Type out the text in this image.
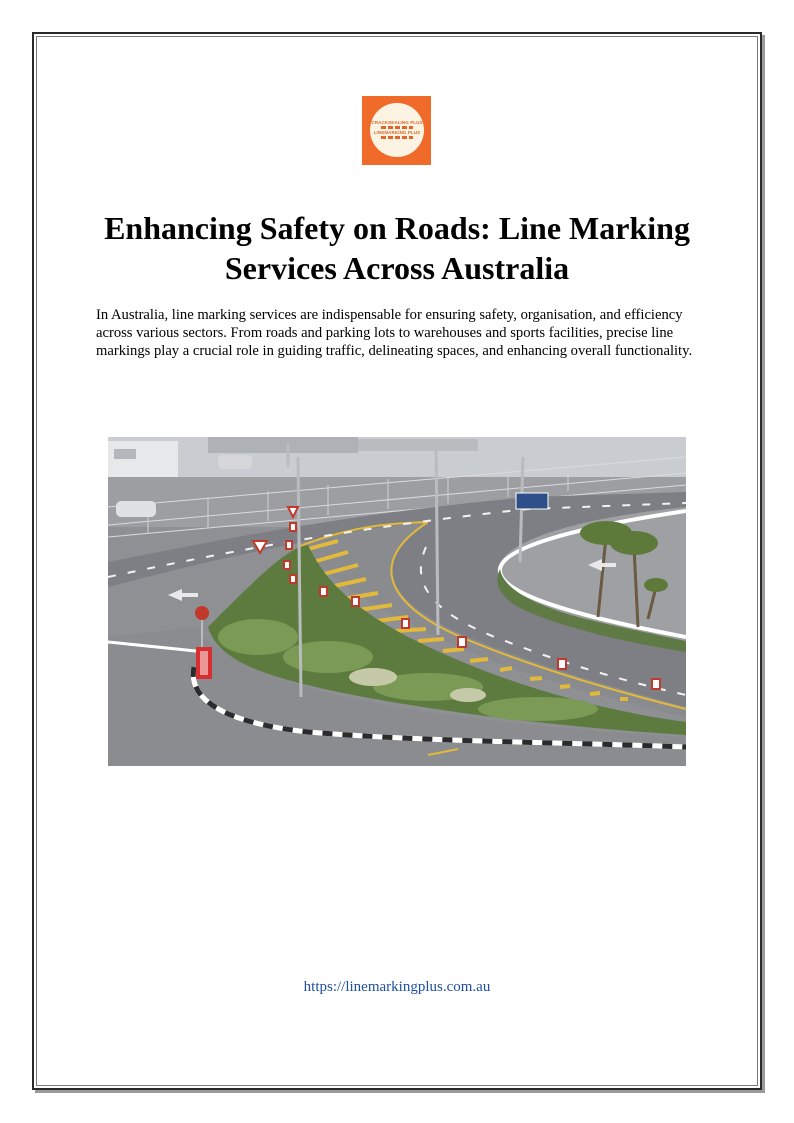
CRACKSEALING PLUS
LINEMARKING PLUS
Enhancing Safety on Roads: Line Marking Services Across Australia

In Australia, line marking services are indispensable for ensuring safety, organisation, and efficiency across various sectors. From roads and parking lots to warehouses and sports facilities, precise line markings play a crucial role in guiding traffic, delineating spaces, and enhancing overall functionality.

https://linemarkingplus.com.au
